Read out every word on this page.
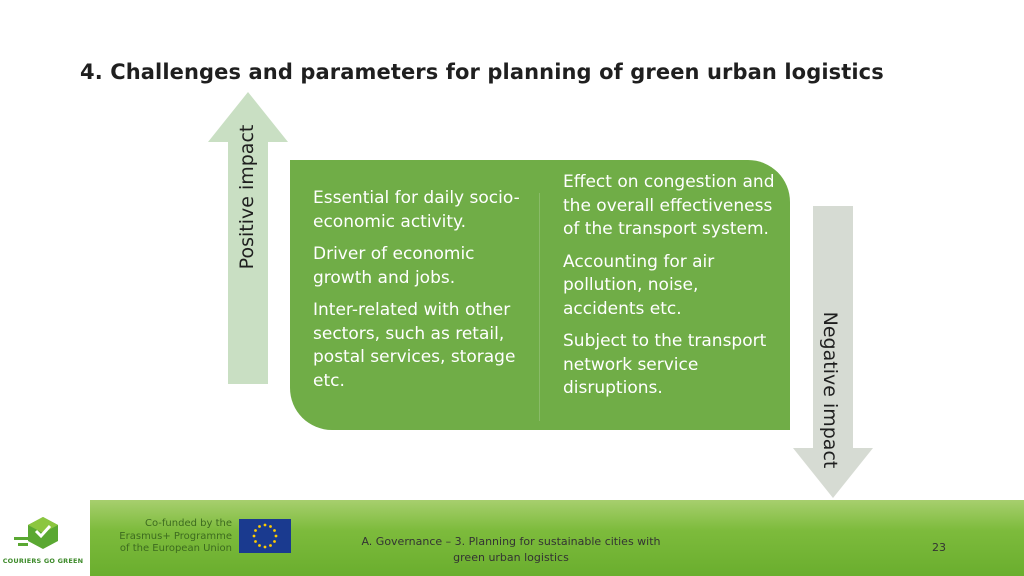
4. Challenges and parameters for planning of green urban logistics
Positive impact	Essential for daily socio-economic activity.

Driver of economic growth and jobs.

Inter-related with other sectors, such as retail, postal services, storage etc.

Effect on congestion and the overall effectiveness of the transport system.

Accounting for air pollution, noise, accidents etc.

Subject to the transport network service disruptions.	Negative impact
COURIERS GO GREEN
Co-funded by the Erasmus+ Programme of the European Union
A. Governance – 3. Planning for sustainable cities with green urban logistics
23
